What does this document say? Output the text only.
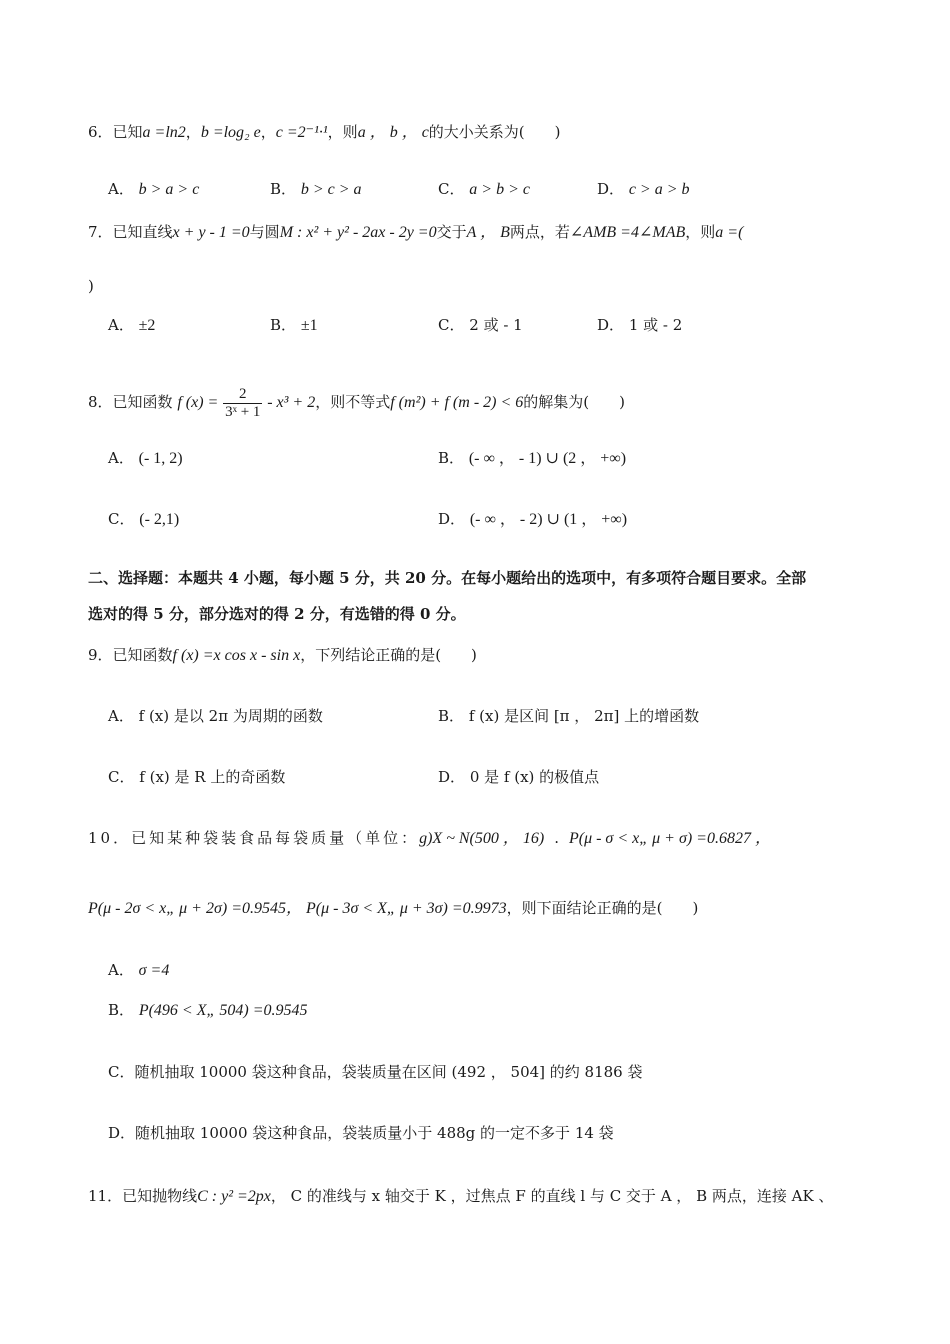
6．已知a =ln2，b =log₂ e，c =2⁻¹·¹，则a ， b ， c的大小关系为(　　)
A． b > a > c	B． b > c > a	C． a > b > c	D． c > a > b
7．已知直线x + y - 1 =0与圆M : x² + y² - 2ax - 2y =0交于A ， B两点，若∠AMB =4∠MAB，则a =(
)
A． ±2	B． ±1	C． 2 或 - 1	D． 1 或 - 2
8．已知函数 f $(x) = \frac{2}{\text{3ˣ + 1}} - x^3 + 2$，则不等式f (m²) + f (m - 2) < 6的解集为(　　)
A． (- 1, 2)	B． (- ∞ ， - 1) ∪ (2 ， +∞)
C． (- 2,1)	D． (- ∞ ， - 2) ∪ (1 ， +∞)
二、选择题：本题共 4 小题，每小题 5 分，共 20 分。在每小题给出的选项中，有多项符合题目要求。全部
选对的得 5 分，部分选对的得 2 分，有选错的得 0 分。
9．已知函数f (x) =x cos x - sin x，下列结论正确的是(　　)
A． f (x) 是以 2π 为周期的函数	B． f (x) 是区间 [π ， 2π] 上的增函数
C． f (x) 是 R 上的奇函数	D． 0 是 f (x) 的极值点
10．已知某种袋装食品每袋质量（单位：g)X ~ N(500 ， 16) . P(μ - σ < x„ μ + σ) =0.6827 ，
P(μ - 2σ < x„ μ + 2σ) =0.9545， P(μ - 3σ < X„ μ + 3σ) =0.9973，则下面结论正确的是(　　)
A． σ =4
B． P(496 < X„ 504) =0.9545
C．随机抽取 10000 袋这种食品，袋装质量在区间 (492 ， 504] 的约 8186 袋
D．随机抽取 10000 袋这种食品，袋装质量小于 488g 的一定不多于 14 袋
11．已知抛物线C : y² =2px， C 的准线与 x 轴交于 K ，过焦点 F 的直线 l 与 C 交于 A ， B 两点，连接 AK 、
